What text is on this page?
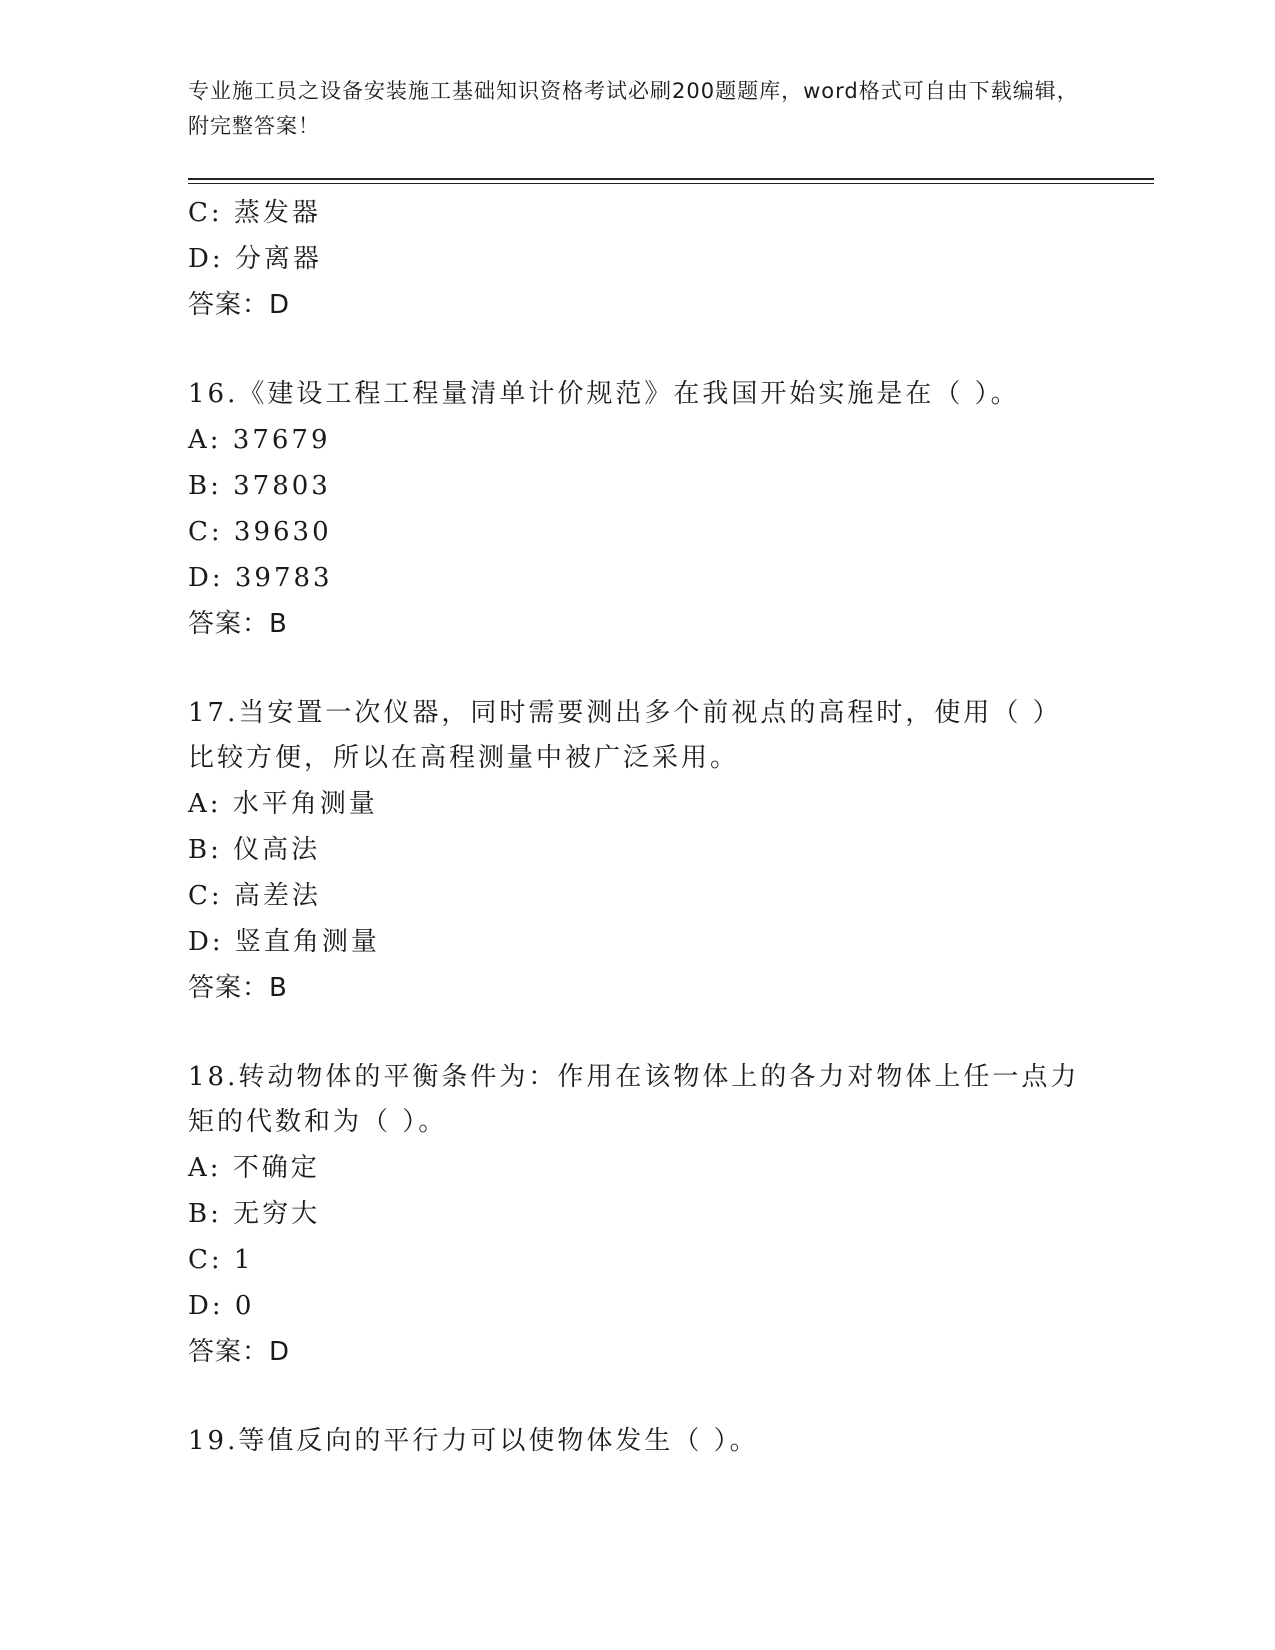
专业施工员之设备安装施工基础知识资格考试必刷200题题库，word格式可自由下载编辑，附完整答案！
C: 蒸发器
D: 分离器
答案：D
16.《建设工程工程量清单计价规范》在我国开始实施是在（ ）。
A: 37679
B: 37803
C: 39630
D: 39783
答案：B
17.当安置一次仪器，同时需要测出多个前视点的高程时，使用（ ）比较方便，所以在高程测量中被广泛采用。
A: 水平角测量
B: 仪高法
C: 高差法
D: 竖直角测量
答案：B
18.转动物体的平衡条件为：作用在该物体上的各力对物体上任一点力矩的代数和为（ ）。
A: 不确定
B: 无穷大
C: 1
D: 0
答案：D
19.等值反向的平行力可以使物体发生（ ）。
